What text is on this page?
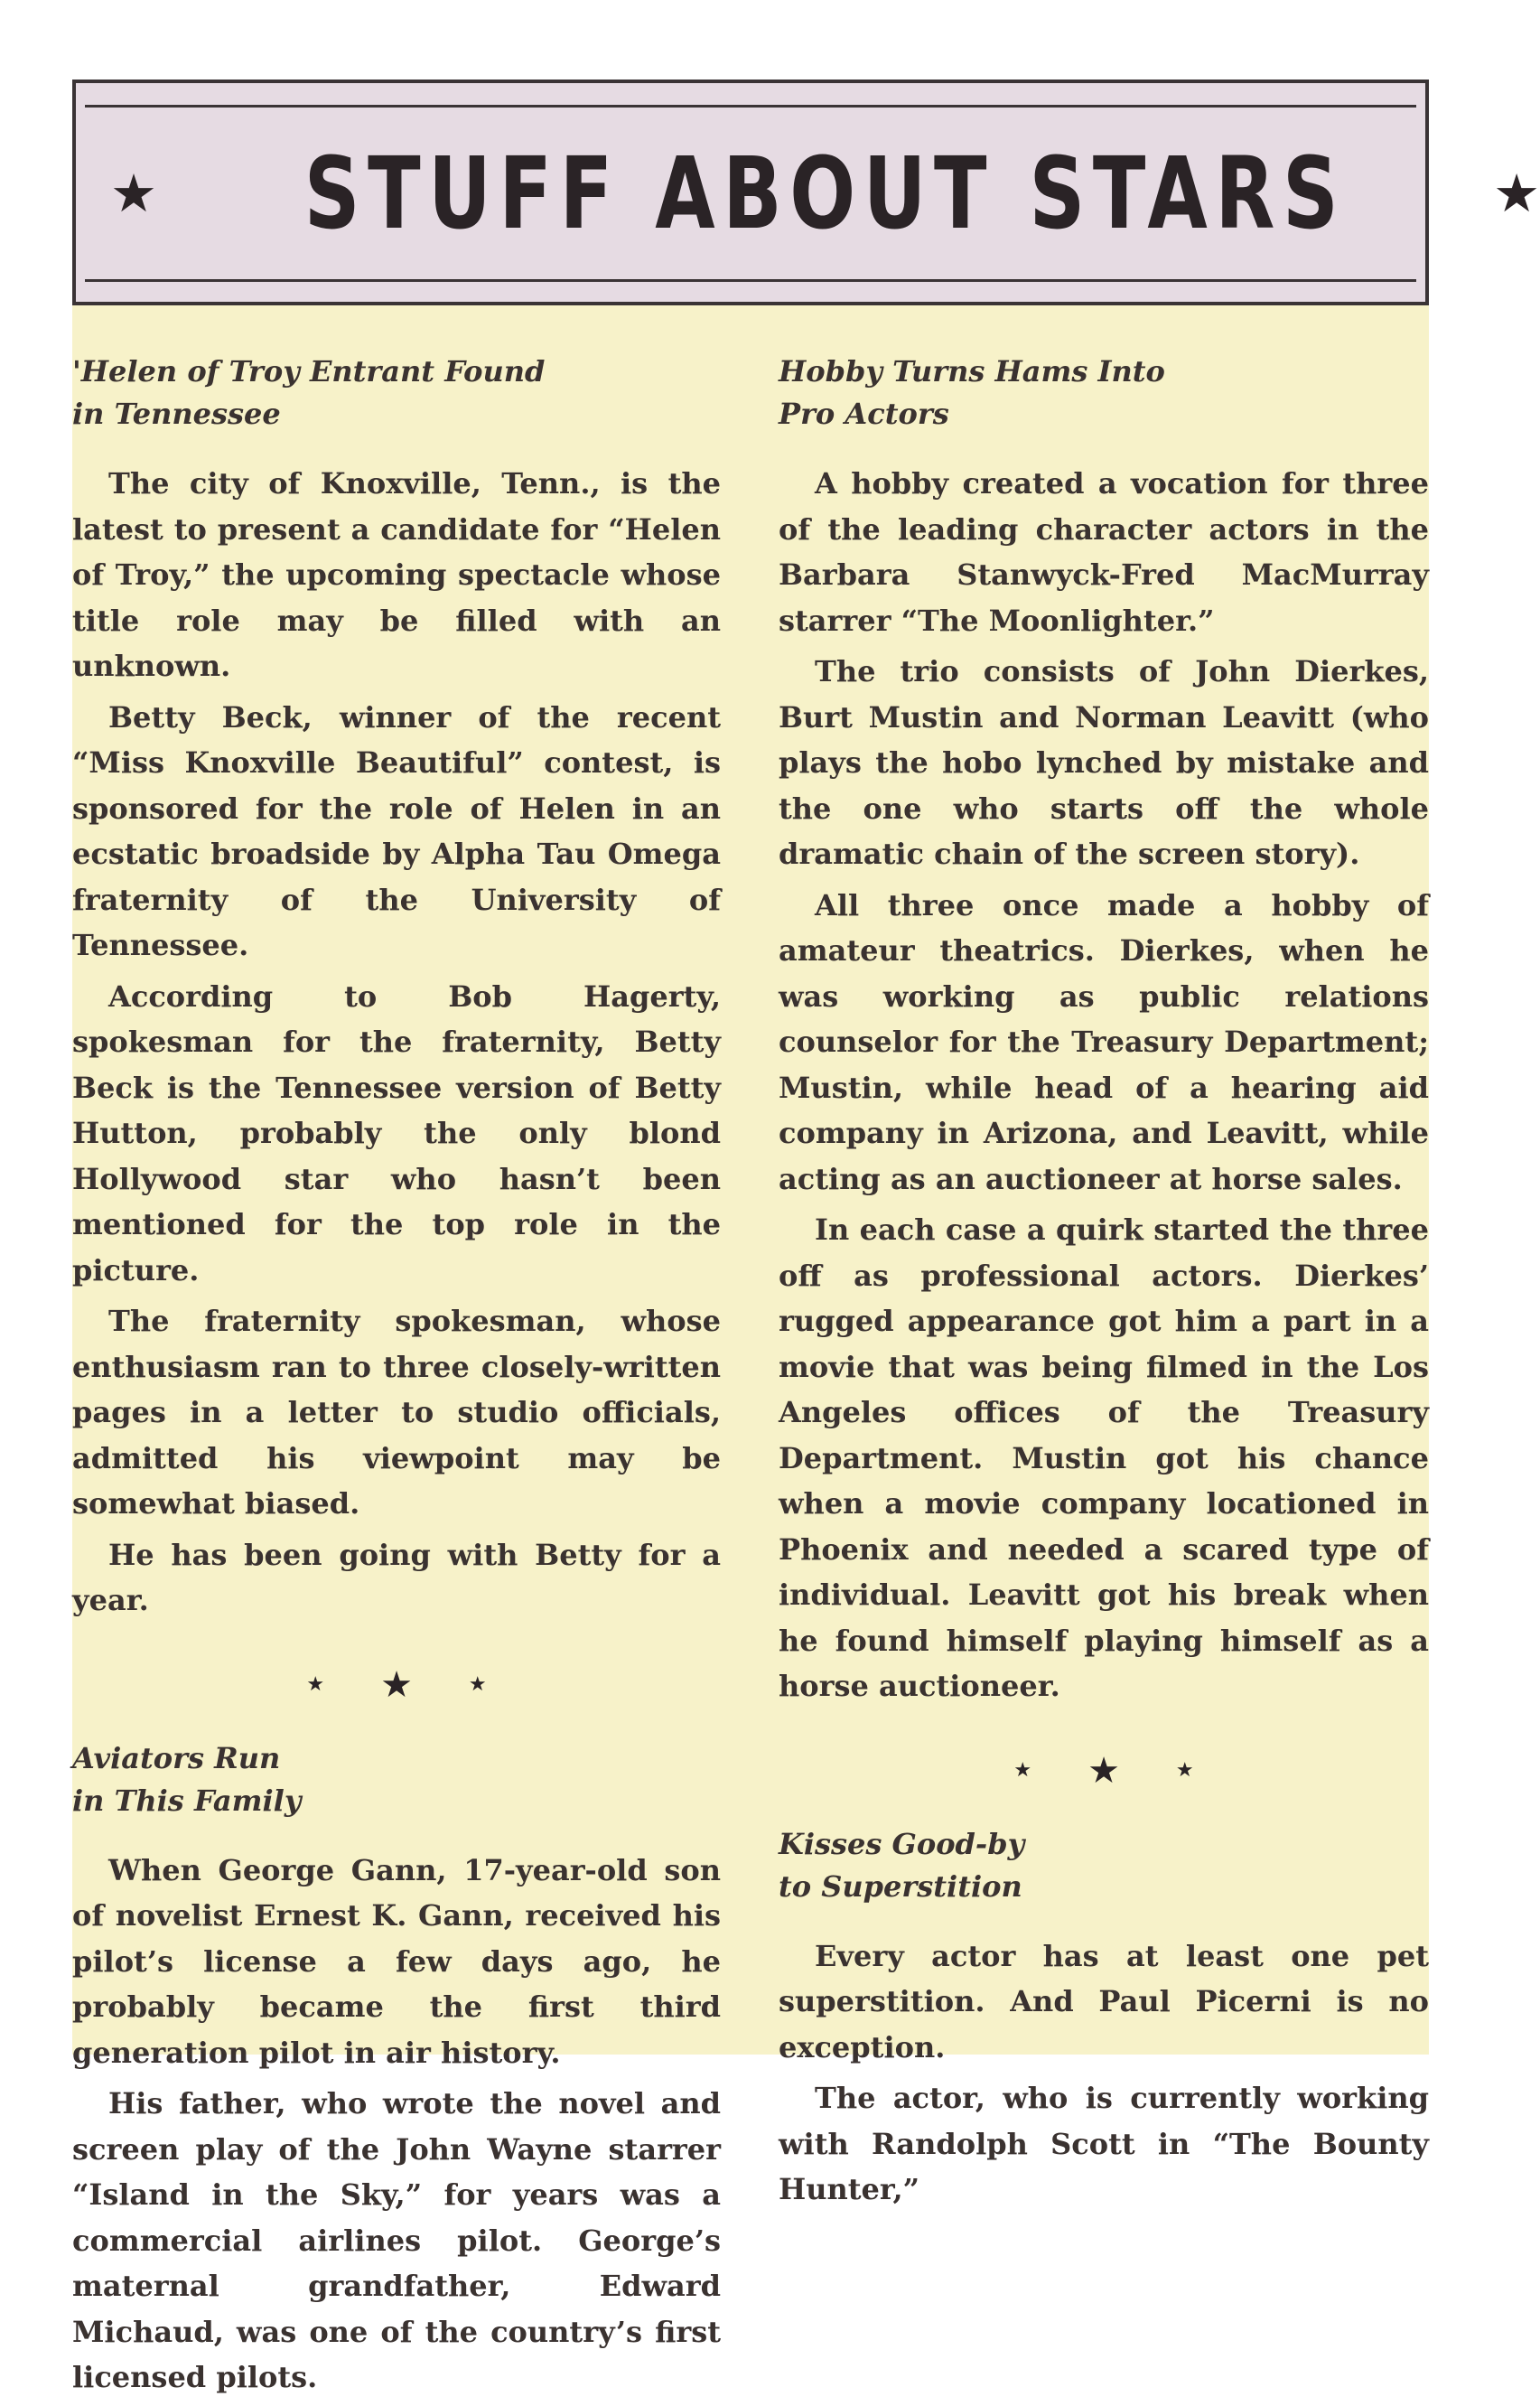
★ STUFF ABOUT STARS	★
'Helen of Troy Entrant Found
in Tennessee

The city of Knoxville, Tenn., is the latest to present a candidate for “Helen of Troy,” the upcoming spectacle whose title role may be filled with an unknown.

Betty Beck, winner of the recent “Miss Knoxville Beautiful” contest, is sponsored for the role of Helen in an ecstatic broadside by Alpha Tau Omega fraternity of the University of Tennessee.

According to Bob Hagerty, spokesman for the fraternity, Betty Beck is the Tennessee version of Betty Hutton, probably the only blond Hollywood star who hasn’t been mentioned for the top role in the picture.

The fraternity spokesman, whose enthusiasm ran to three closely-written pages in a letter to studio officials, admitted his viewpoint may be somewhat biased.

He has been going with Betty for a year.

★ ★	★
Aviators Run
in This Family

When George Gann, 17-year-old son of novelist Ernest K. Gann, received his pilot’s license a few days ago, he probably became the first third generation pilot in air history.

His father, who wrote the novel and screen play of the John Wayne starrer “Island in the Sky,” for years was a commercial airlines pilot. George’s maternal grandfather, Edward Michaud, was one of the country’s first licensed pilots.

Hobby Turns Hams Into
Pro Actors

A hobby created a vocation for three of the leading character actors in the Barbara Stanwyck-Fred MacMurray starrer “The Moonlighter.”

The trio consists of John Dierkes, Burt Mustin and Norman Leavitt (who plays the hobo lynched by mistake and the one who starts off the whole dramatic chain of the screen story).

All three once made a hobby of amateur theatrics. Dierkes, when he was working as public relations counselor for the Treasury Department; Mustin, while head of a hearing aid company in Arizona, and Leavitt, while acting as an auctioneer at horse sales.

In each case a quirk started the three off as professional actors. Dierkes’ rugged appearance got him a part in a movie that was being filmed in the Los Angeles offices of the Treasury Department. Mustin got his chance when a movie company locationed in Phoenix and needed a scared type of individual. Leavitt got his break when he found himself playing himself as a horse auctioneer.

★ ★	★
Kisses Good-by
to Superstition

Every actor has at least one pet superstition. And Paul Picerni is no exception.

The actor, who is currently working with Randolph Scott in “The Bounty Hunter,”
